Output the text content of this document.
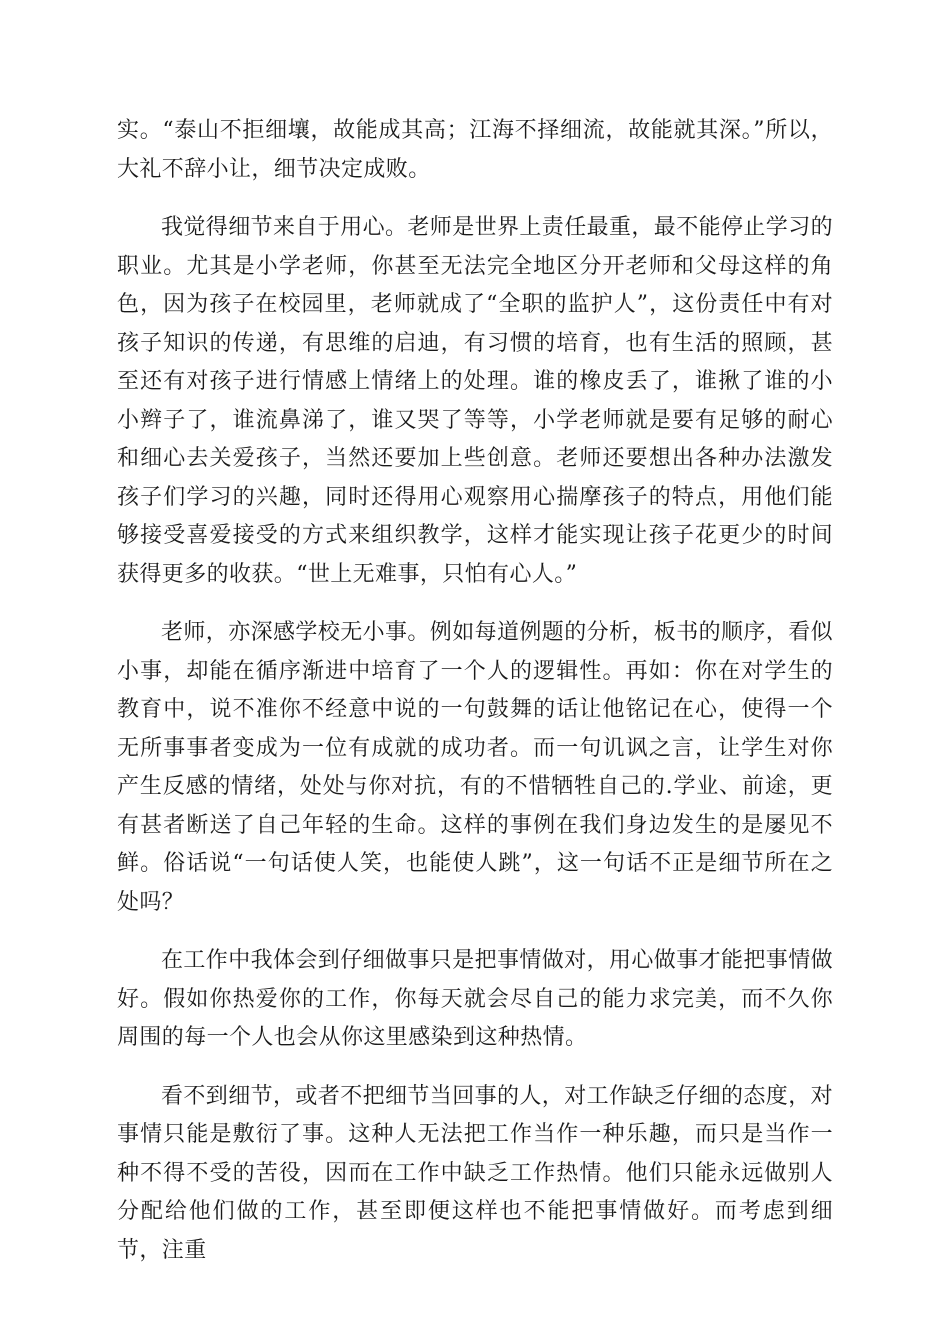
实。“泰山不拒细壤，故能成其高；江海不择细流，故能就其深。”所以，大礼不辞小让，细节决定成败。

我觉得细节来自于用心。老师是世界上责任最重，最不能停止学习的职业。尤其是小学老师，你甚至无法完全地区分开老师和父母这样的角色，因为孩子在校园里，老师就成了“全职的监护人”，这份责任中有对孩子知识的传递，有思维的启迪，有习惯的培育，也有生活的照顾，甚至还有对孩子进行情感上情绪上的处理。谁的橡皮丢了，谁揪了谁的小小辫子了，谁流鼻涕了，谁又哭了等等，小学老师就是要有足够的耐心和细心去关爱孩子，当然还要加上些创意。老师还要想出各种办法激发孩子们学习的兴趣，同时还得用心观察用心揣摩孩子的特点，用他们能够接受喜爱接受的方式来组织教学，这样才能实现让孩子花更少的时间获得更多的收获。“世上无难事，只怕有心人。”

老师，亦深感学校无小事。例如每道例题的分析，板书的顺序，看似小事，却能在循序渐进中培育了一个人的逻辑性。再如：你在对学生的教育中，说不准你不经意中说的一句鼓舞的话让他铭记在心，使得一个无所事事者变成为一位有成就的成功者。而一句讥讽之言，让学生对你产生反感的情绪，处处与你对抗，有的不惜牺牲自己的.学业、前途，更有甚者断送了自己年轻的生命。这样的事例在我们身边发生的是屡见不鲜。俗话说“一句话使人笑，也能使人跳”，这一句话不正是细节所在之处吗？

在工作中我体会到仔细做事只是把事情做对，用心做事才能把事情做好。假如你热爱你的工作，你每天就会尽自己的能力求完美，而不久你周围的每一个人也会从你这里感染到这种热情。

看不到细节，或者不把细节当回事的人，对工作缺乏仔细的态度，对事情只能是敷衍了事。这种人无法把工作当作一种乐趣，而只是当作一种不得不受的苦役，因而在工作中缺乏工作热情。他们只能永远做别人分配给他们做的工作，甚至即便这样也不能把事情做好。而考虑到细节，注重
